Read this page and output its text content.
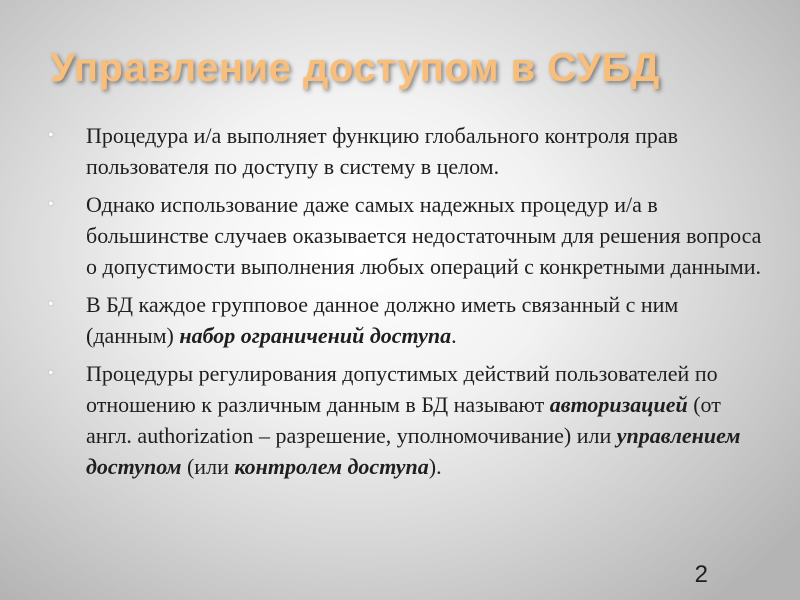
Управление доступом в СУБД
• Процедура и/а выполняет функцию глобального контроля прав пользователя по доступу в систему в целом.
• Однако использование даже самых надежных процедур и/а в большинстве случаев оказывается недостаточным для решения вопроса о допустимости выполнения любых операций с конкретными данными.
• В БД каждое групповое данное должно иметь связанный с ним (данным) набор ограничений доступа.
• Процедуры регулирования допустимых действий пользователей по отношению к различным данным в БД называют авторизацией (от англ. authorization – разрешение, уполномочивание) или управлением доступом (или контролем доступа).
2
